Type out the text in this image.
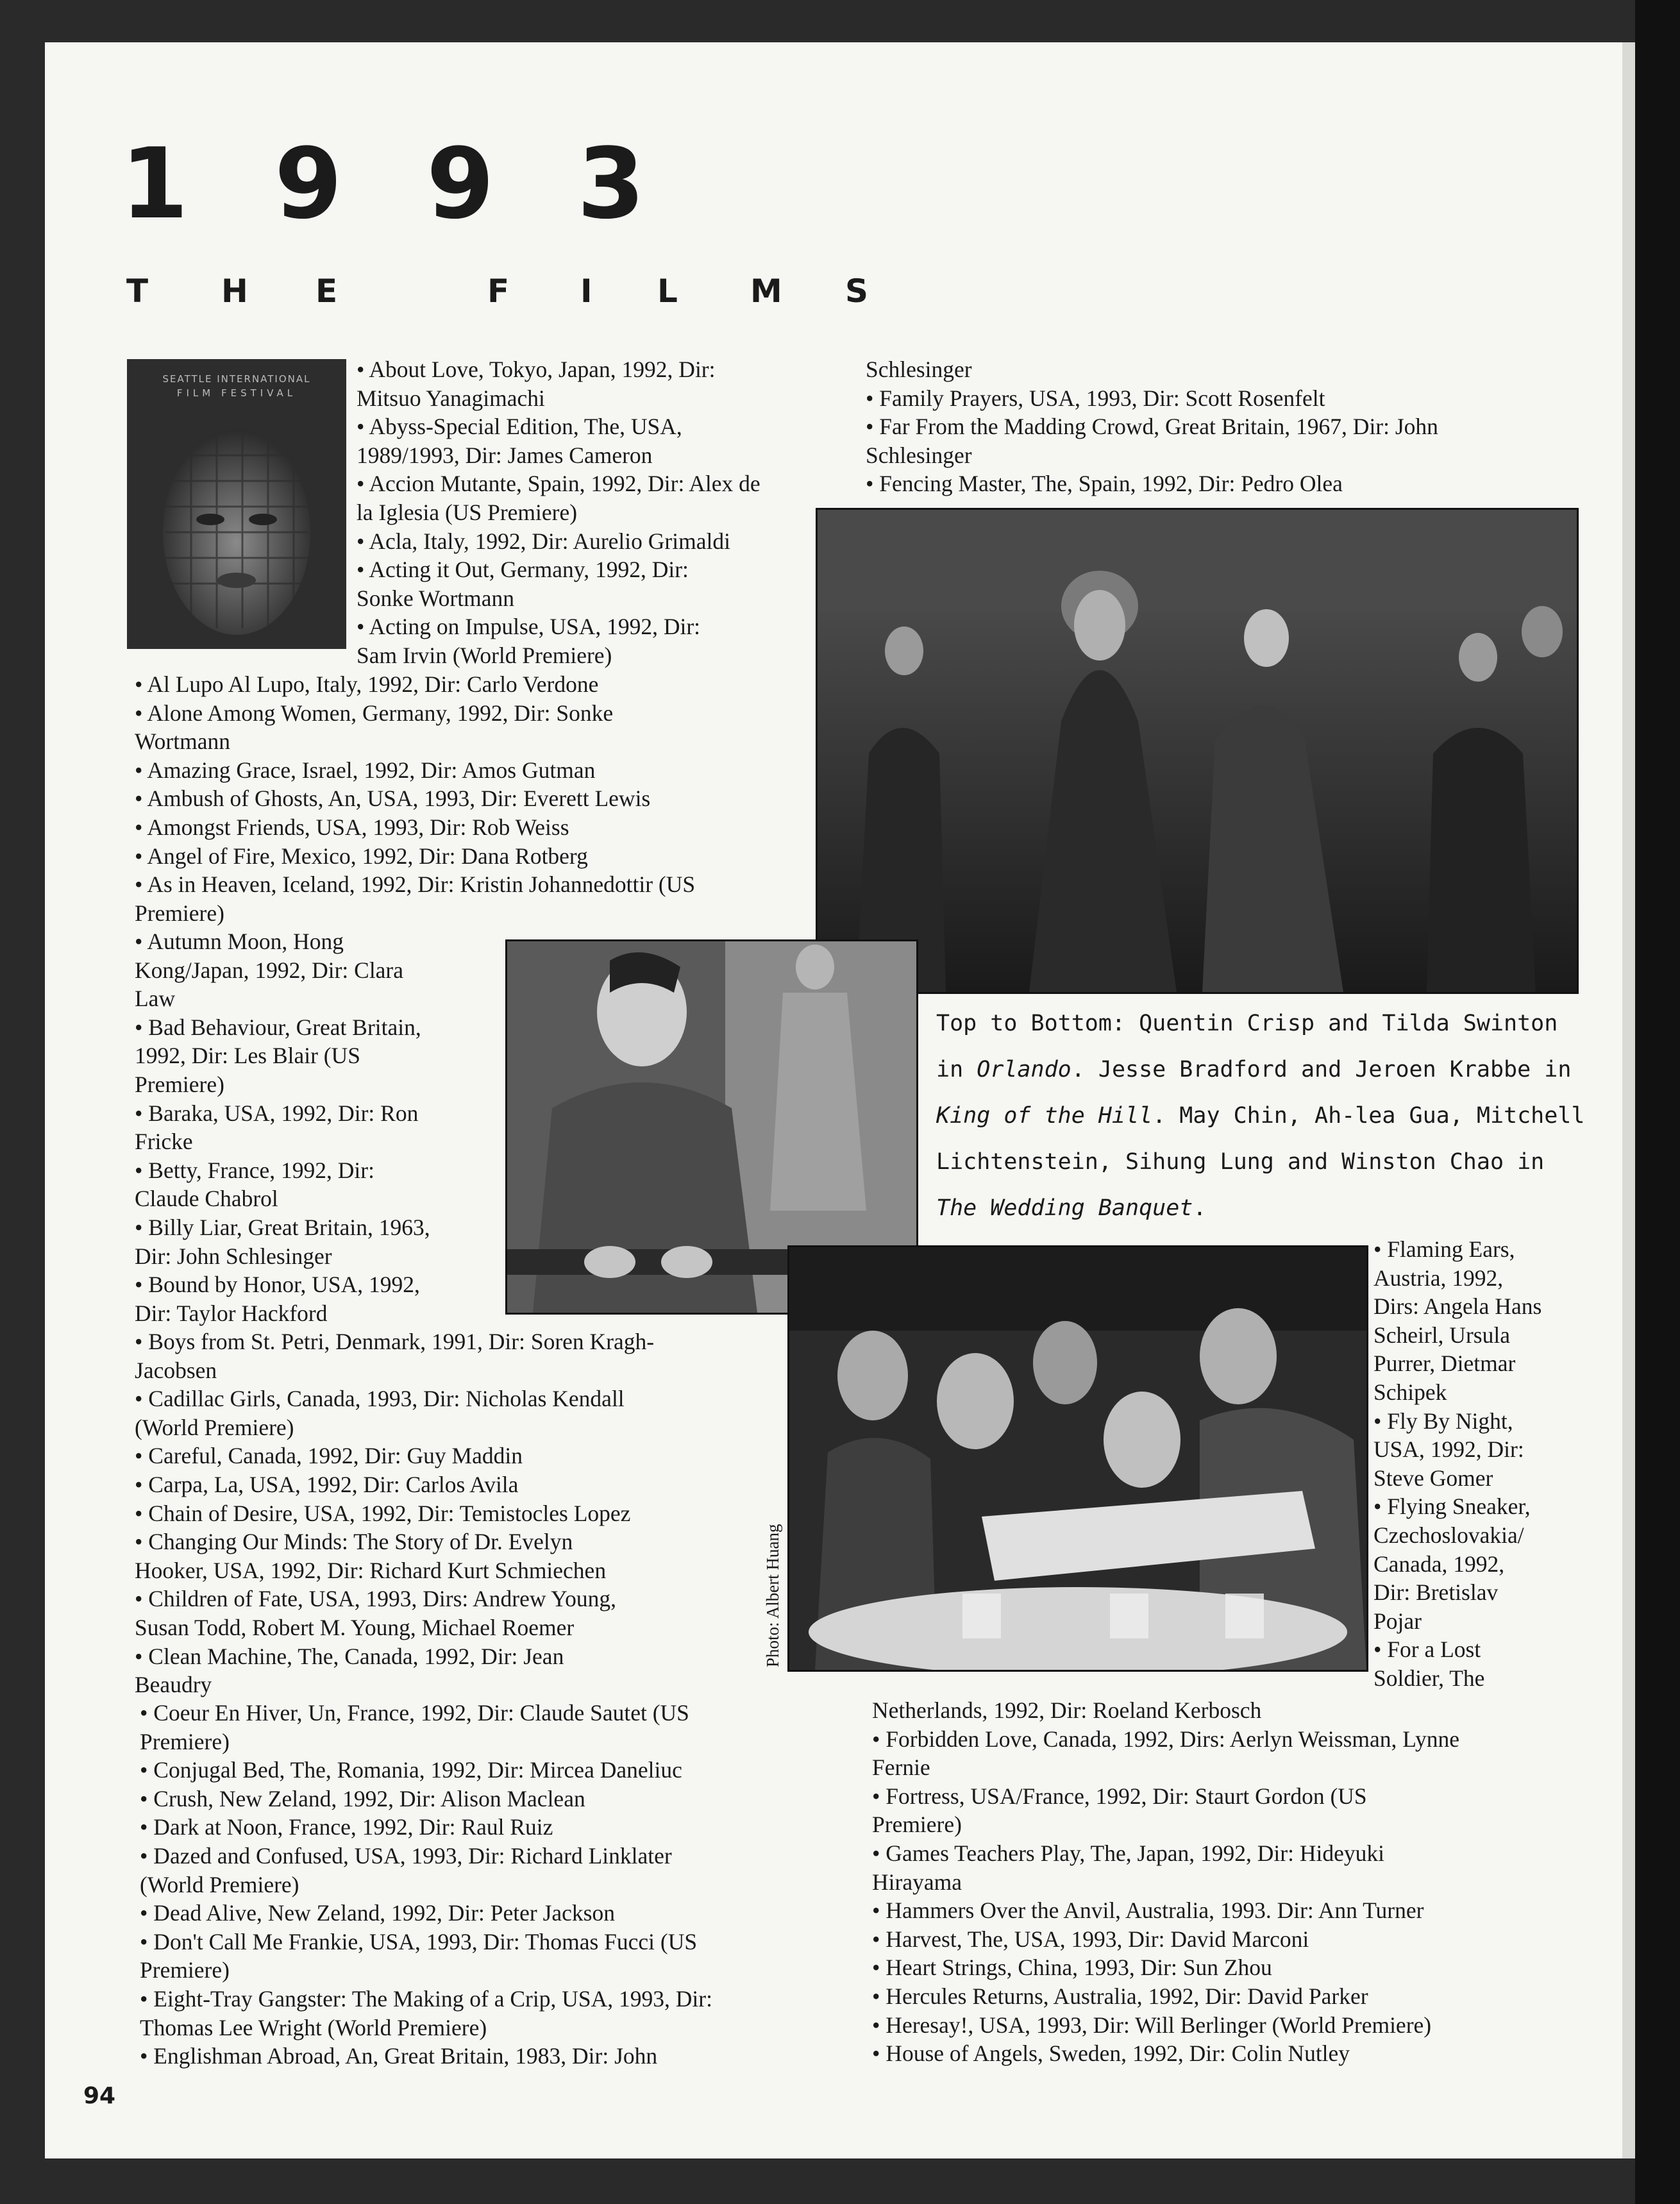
1 9 9 3
T H E	F I L M S
SEATTLE INTERNATIONAL
FILM FESTIVAL
• About Love, Tokyo, Japan, 1992, Dir:
Mitsuo Yanagimachi
• Abyss-Special Edition, The, USA,
1989/1993, Dir: James Cameron
• Accion Mutante, Spain, 1992, Dir: Alex de
la Iglesia (US Premiere)
• Acla, Italy, 1992, Dir: Aurelio Grimaldi
• Acting it Out, Germany, 1992, Dir:
Sonke Wortmann
• Acting on Impulse, USA, 1992, Dir:
Sam Irvin (World Premiere)
• Al Lupo Al Lupo, Italy, 1992, Dir: Carlo Verdone
• Alone Among Women, Germany, 1992, Dir: Sonke
Wortmann
• Amazing Grace, Israel, 1992, Dir: Amos Gutman
• Ambush of Ghosts, An, USA, 1993, Dir: Everett Lewis
• Amongst Friends, USA, 1993, Dir: Rob Weiss
• Angel of Fire, Mexico, 1992, Dir: Dana Rotberg
• As in Heaven, Iceland, 1992, Dir: Kristin Johannedottir (US
Premiere)
• Autumn Moon, Hong
Kong/Japan, 1992, Dir: Clara
Law
• Bad Behaviour, Great Britain,
1992, Dir: Les Blair (US
Premiere)
• Baraka, USA, 1992, Dir: Ron
Fricke
• Betty, France, 1992, Dir:
Claude Chabrol
• Billy Liar, Great Britain, 1963,
Dir: John Schlesinger
• Bound by Honor, USA, 1992,
Dir: Taylor Hackford
• Boys from St. Petri, Denmark, 1991, Dir: Soren Kragh-
Jacobsen
• Cadillac Girls, Canada, 1993, Dir: Nicholas Kendall
(World Premiere)
• Careful, Canada, 1992, Dir: Guy Maddin
• Carpa, La, USA, 1992, Dir: Carlos Avila
• Chain of Desire, USA, 1992, Dir: Temistocles Lopez
• Changing Our Minds: The Story of Dr. Evelyn
Hooker, USA, 1992, Dir: Richard Kurt Schmiechen
• Children of Fate, USA, 1993, Dirs: Andrew Young,
Susan Todd, Robert M. Young, Michael Roemer
• Clean Machine, The, Canada, 1992, Dir: Jean
Beaudry
• Coeur En Hiver, Un, France, 1992, Dir: Claude Sautet (US
Premiere)
• Conjugal Bed, The, Romania, 1992, Dir: Mircea Daneliuc
• Crush, New Zeland, 1992, Dir: Alison Maclean
• Dark at Noon, France, 1992, Dir: Raul Ruiz
• Dazed and Confused, USA, 1993, Dir: Richard Linklater
(World Premiere)
• Dead Alive, New Zeland, 1992, Dir: Peter Jackson
• Don't Call Me Frankie, USA, 1993, Dir: Thomas Fucci (US
Premiere)
• Eight-Tray Gangster: The Making of a Crip, USA, 1993, Dir:
Thomas Lee Wright (World Premiere)
• Englishman Abroad, An, Great Britain, 1983, Dir: John
Schlesinger
• Family Prayers, USA, 1993, Dir: Scott Rosenfelt
• Far From the Madding Crowd, Great Britain, 1967, Dir: John
Schlesinger
• Fencing Master, The, Spain, 1992, Dir: Pedro Olea
Top to Bottom: Quentin Crisp and Tilda Swinton
in Orlando. Jesse Bradford and Jeroen Krabbe in
King of the Hill. May Chin, Ah-lea Gua, Mitchell
Lichtenstein, Sihung Lung and Winston Chao in
The Wedding Banquet.
Photo: Albert Huang
• Flaming Ears,
Austria, 1992,
Dirs: Angela Hans
Scheirl, Ursula
Purrer, Dietmar
Schipek
• Fly By Night,
USA, 1992, Dir:
Steve Gomer
• Flying Sneaker,
Czechoslovakia/
Canada, 1992,
Dir: Bretislav
Pojar
• For a Lost
Soldier, The
Netherlands, 1992, Dir: Roeland Kerbosch
• Forbidden Love, Canada, 1992, Dirs: Aerlyn Weissman, Lynne
Fernie
• Fortress, USA/France, 1992, Dir: Staurt Gordon (US
Premiere)
• Games Teachers Play, The, Japan, 1992, Dir: Hideyuki
Hirayama
• Hammers Over the Anvil, Australia, 1993. Dir: Ann Turner
• Harvest, The, USA, 1993, Dir: David Marconi
• Heart Strings, China, 1993, Dir: Sun Zhou
• Hercules Returns, Australia, 1992, Dir: David Parker
• Heresay!, USA, 1993, Dir: Will Berlinger (World Premiere)
• House of Angels, Sweden, 1992, Dir: Colin Nutley
94
